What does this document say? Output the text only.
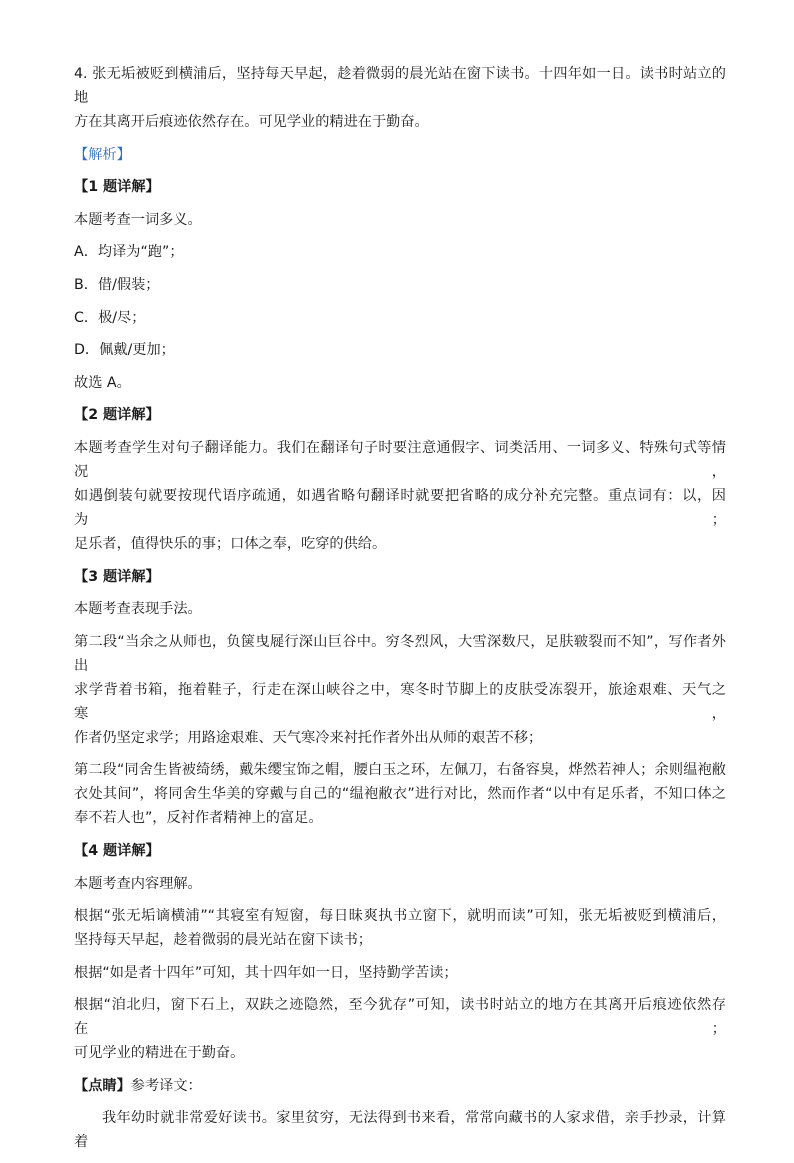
4. 张无垢被贬到横浦后，坚持每天早起，趁着微弱的晨光站在窗下读书。十四年如一日。读书时站立的地
方在其离开后痕迹依然存在。可见学业的精进在于勤奋。
【解析】
【1 题详解】
本题考查一词多义。
A．均译为“跑”；
B．借/假装；
C．极/尽；
D．佩戴/更加；
故选 A。
【2 题详解】
本题考查学生对句子翻译能力。我们在翻译句子时要注意通假字、词类活用、一词多义、特殊句式等情况，
如遇倒装句就要按现代语序疏通，如遇省略句翻译时就要把省略的成分补充完整。重点词有：以，因为；
足乐者，值得快乐的事；口体之奉，吃穿的供给。
【3 题详解】
本题考查表现手法。
第二段“当余之从师也，负箧曳屣行深山巨谷中。穷冬烈风，大雪深数尺，足肤皲裂而不知”，写作者外出
求学背着书箱，拖着鞋子，行走在深山峡谷之中，寒冬时节脚上的皮肤受冻裂开，旅途艰难、天气之寒，
作者仍坚定求学；用路途艰难、天气寒冷来衬托作者外出从师的艰苦不移；
第二段“同舍生皆被绮绣，戴朱缨宝饰之帽，腰白玉之环，左佩刀，右备容臭，烨然若神人；余则缊袍敝
衣处其间”，将同舍生华美的穿戴与自己的“缊袍敝衣”进行对比，然而作者“以中有足乐者，不知口体之
奉不若人也”，反衬作者精神上的富足。
【4 题详解】
本题考查内容理解。
根据“张无垢谪横浦”“其寝室有短窗，每日昧爽执书立窗下，就明而读”可知，张无垢被贬到横浦后，
坚持每天早起，趁着微弱的晨光站在窗下读书；
根据“如是者十四年”可知，其十四年如一日，坚持勤学苦读；
根据“洎北归，窗下石上，双趺之迹隐然，至今犹存”可知，读书时站立的地方在其离开后痕迹依然存在；
可见学业的精进在于勤奋。
【点睛】参考译文：
我年幼时就非常爱好读书。家里贫穷，无法得到书来看，常常向藏书的人家求借，亲手抄录，计算着
